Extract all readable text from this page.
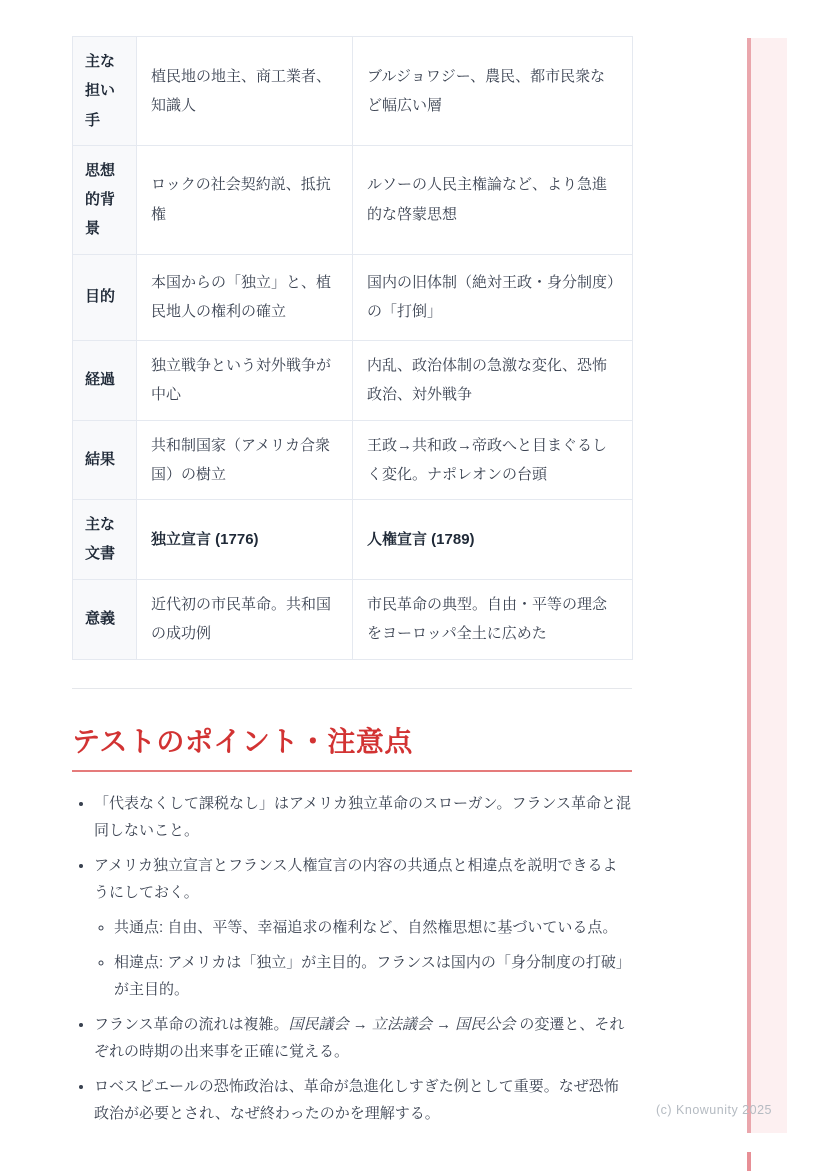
主な担い手	植民地の地主、商工業者、知識人	ブルジョワジー、農民、都市民衆など幅広い層
思想的背景	ロックの社会契約説、抵抗権	ルソーの人民主権論など、より急進的な啓蒙思想
目的	本国からの「独立」と、植民地人の権利の確立	国内の旧体制（絶対王政・身分制度）の「打倒」
経過	独立戦争という対外戦争が中心	内乱、政治体制の急激な変化、恐怖政治、対外戦争
結果	共和制国家（アメリカ合衆国）の樹立	王政→共和政→帝政へと目まぐるしく変化。ナポレオンの台頭
主な文書	独立宣言 (1776)	人権宣言 (1789)
意義	近代初の市民革命。共和国の成功例	市民革命の典型。自由・平等の理念をヨーロッパ全土に広めた
テストのポイント・注意点
• 「代表なくして課税なし」はアメリカ独立革命のスローガン。フランス革命と混同しないこと。
• アメリカ独立宣言とフランス人権宣言の内容の共通点と相違点を説明できるようにしておく。
◦ 共通点: 自由、平等、幸福追求の権利など、自然権思想に基づいている点。
◦ 相違点: アメリカは「独立」が主目的。フランスは国内の「身分制度の打破」が主目的。
• フランス革命の流れは複雑。国民議会 → 立法議会 → 国民公会 の変遷と、それぞれの時期の出来事を正確に覚える。
• ロベスピエールの恐怖政治は、革命が急進化しすぎた例として重要。なぜ恐怖政治が必要とされ、なぜ終わったのかを理解する。	(c) Knowunity 2025
